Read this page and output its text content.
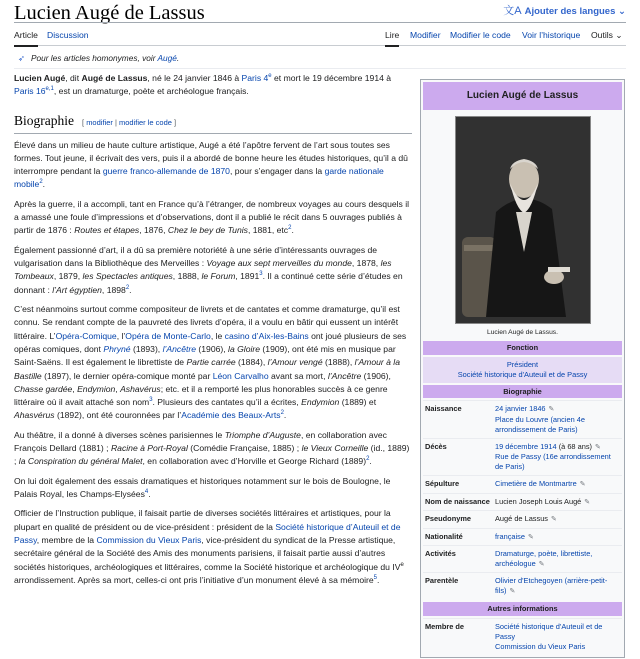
Lucien Augé de Lassus	文A Ajouter des langues ⌄
Article Discussion	Lire Modifier Modifier le code Voir l’historique Outils ⌄
➶ Pour les articles homonymes, voir Augé.

Lucien Augé, dit Augé de Lassus, né le 24 janvier 1846 à Paris 4e et mort le 19 décembre 1914 à Paris 16$^{e,1}$, est un dramaturge, poète et archéologue français.

Biographie [ modifier | modifier le code ]

Élevé dans un milieu de haute culture artistique, Augé a été l’apôtre fervent de l’art sous toutes ses formes. Tout jeune, il écrivait des vers, puis il a abordé de bonne heure les études historiques, qu’il a dû interrompre pendant la guerre franco-allemande de 1870, pour s’engager dans la garde nationale mobile$^2$.

Après la guerre, il a accompli, tant en France qu’à l’étranger, de nombreux voyages au cours desquels il a amassé une foule d’impressions et d’observations, dont il a publié le récit dans 5 ouvrages publiés à partir de 1876 : Routes et étapes, 1876, Chez le bey de Tunis, 1881, etc$^2$.

Également passionné d’art, il a dû sa première notoriété à une série d’intéressants ouvrages de vulgarisation dans la Bibliothèque des Merveilles : Voyage aux sept merveilles du monde, 1878, les Tombeaux, 1879, les Spectacles antiques, 1888, le Forum, 1891$^3$. Il a continué cette série d’études en donnant : l’Art égyptien, 1898$^2$.

C’est néanmoins surtout comme compositeur de livrets et de cantates et comme dramaturge, qu’il est connu. Se rendant compte de la pauvreté des livrets d’opéra, il a voulu en bâtir qui eussent un intérêt littéraire. L’Opéra-Comique, l’Opéra de Monte-Carlo, le casino d’Aix-les-Bains ont joué plusieurs de ses opéras comiques, dont Phryné (1893), l’Ancêtre (1906), la Gloire (1909), ont été mis en musique par Saint-Saëns. Il est également le librettiste de Partie carrée (1884), l’Amour vengé (1888), l’Amour à la Bastille (1897), le dernier opéra-comique monté par Léon Carvalho avant sa mort, l’Ancêtre (1906), Chasse gardée, Endymion, Ashavérus; etc. et il a remporté les plus honorables succès à ce genre littéraire où il avait attaché son nom$^3$. Plusieurs des cantates qu’il a écrites, Endymion (1889) et Ahasvérus (1892), ont été couronnées par l’Académie des Beaux-Arts$^2$.

Au théâtre, il a donné à diverses scènes parisiennes le Triomphe d’Auguste, en collaboration avec François Dellard (1881) ; Racine à Port-Royal (Comédie Française, 1885) ; le Vieux Corneille (id., 1889) ; la Conspiration du général Malet, en collaboration avec d’Horville et George Richard $(1889)^2$.

On lui doit également des essais dramatiques et historiques notamment sur le bois de Boulogne, le Palais Royal, les Champs-Elysées$^4$.

Officier de l’Instruction publique, il faisait partie de diverses sociétés littéraires et artistiques, pour la plupart en qualité de président ou de vice-président : président de la Société historique d’Auteuil et de Passy, membre de la Commission du Vieux Paris, vice-président du syndicat de la Presse artistique, secrétaire général de la Société des Amis des monuments parisiens, il faisait partie aussi d’autres sociétés historiques, archéologiques et littéraires, comme la Société historique et archéologique du IVe arrondissement. Après sa mort, celles-ci ont pris l’initiative d’un monument élevé à sa mémoire$^5$.

Lucien Augé de Lassus
Lucien Augé de Lassus.
Fonction
Président
Société historique d'Auteuil et de Passy
Biographie
Naissance	24 janvier 1846 ✎
Place du Louvre (ancien 4e arrondissement de Paris)
Décès	19 décembre 1914 (à 68 ans) ✎
Rue de Passy (16e arrondissement de Paris)
Sépulture	Cimetière de Montmartre ✎
Nom de naissance Lucien Joseph Louis Augé ✎
Pseudonyme	Augé de Lassus ✎
Nationalité	française ✎
Activités	Dramaturge, poète, librettiste, archéologue ✎
Parentèle	Olivier d'Etchegoyen (arrière-petit-fils) ✎
Autres informations
Membre de	Société historique d'Auteuil et de Passy
Commission du Vieux Paris
